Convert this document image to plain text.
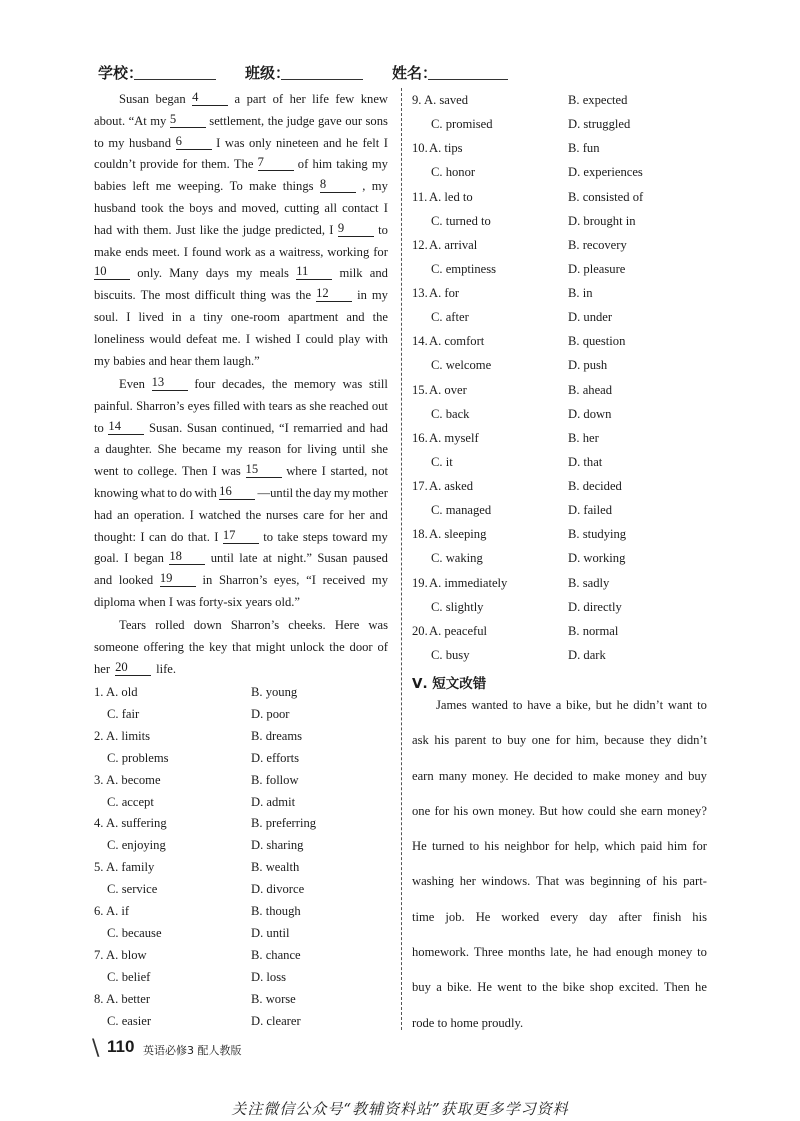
学校：	班级：	姓名：
Susan began 4	a part of her life few knew
about. “At my 5	settlement, the judge gave our sons
to my husband 6	I was only nineteen and he felt I
couldn’t provide for them. The 7	of him taking my
babies left me weeping. To make things 8	, my
husband took the boys and moved, cutting all contact I
had with them. Just like the judge predicted, I 9	to
make ends meet. I found work as a waitress, working for
10	only. Many days my meals 11	milk and
biscuits. The most difficult thing was the 12	in my
soul. I lived in a tiny one-room apartment and the
loneliness would defeat me. I wished I could play with
my babies and hear them laugh.”
Even 13	four decades, the memory was still
painful. Sharron’s eyes filled with tears as she reached out
to 14	Susan. Susan continued, “I remarried and had
a daughter. She became my reason for living until she
went to college. Then I was 15	where I started, not
knowing what to do with 16	—until the day my mother
had an operation. I watched the nurses care for her and
thought: I can do that. I 17	to take steps toward my
goal. I began 18	until late at night.” Susan paused
and looked 19	in Sharron’s eyes, “I received my
diploma when I was forty-six years old.”
Tears rolled down Sharron’s cheeks. Here was
someone offering the key that might unlock the door of
her 20	life.
1. A. old	B. young
C. fair	D. poor
2. A. limits	B. dreams
C. problems	D. efforts
3. A. become	B. follow
C. accept	D. admit
4. A. suffering	B. preferring
C. enjoying	D. sharing
5. A. family	B. wealth
C. service	D. divorce
6. A. if	B. though
C. because	D. until
7. A. blow	B. chance
C. belief	D. loss
8. A. better	B. worse
C. easier	D. clearer
9. A. saved	B. expected
C. promised	D. struggled
10. A. tips	B. fun
C. honor	D. experiences
11. A. led to	B. consisted of
C. turned to	D. brought in
12. A. arrival	B. recovery
C. emptiness	D. pleasure
13. A. for	B. in
C. after	D. under
14. A. comfort	B. question
C. welcome	D. push
15. A. over	B. ahead
C. back	D. down
16. A. myself	B. her
C. it	D. that
17. A. asked	B. decided
C. managed	D. failed
18. A. sleeping	B. studying
C. waking	D. working
19. A. immediately	B. sadly
C. slightly	D. directly
20. A. peaceful	B. normal
C. busy	D. dark
Ⅴ. 短文改错
James wanted to have a bike, but he didn’t want to
ask his parent to buy one for him, because they didn’t
earn many money. He decided to make money and buy
one for his own money. But how could she earn money?
He turned to his neighbor for help, which paid him for
washing her windows. That was beginning of his part-
time job. He worked every day after finish his
homework. Three months late, he had enough money to
buy a bike. He went to the bike shop excited. Then he
rode to home proudly.
\ 110 英语必修3 配人教版
关注微信公众号“教辅资料站”获取更多学习资料
